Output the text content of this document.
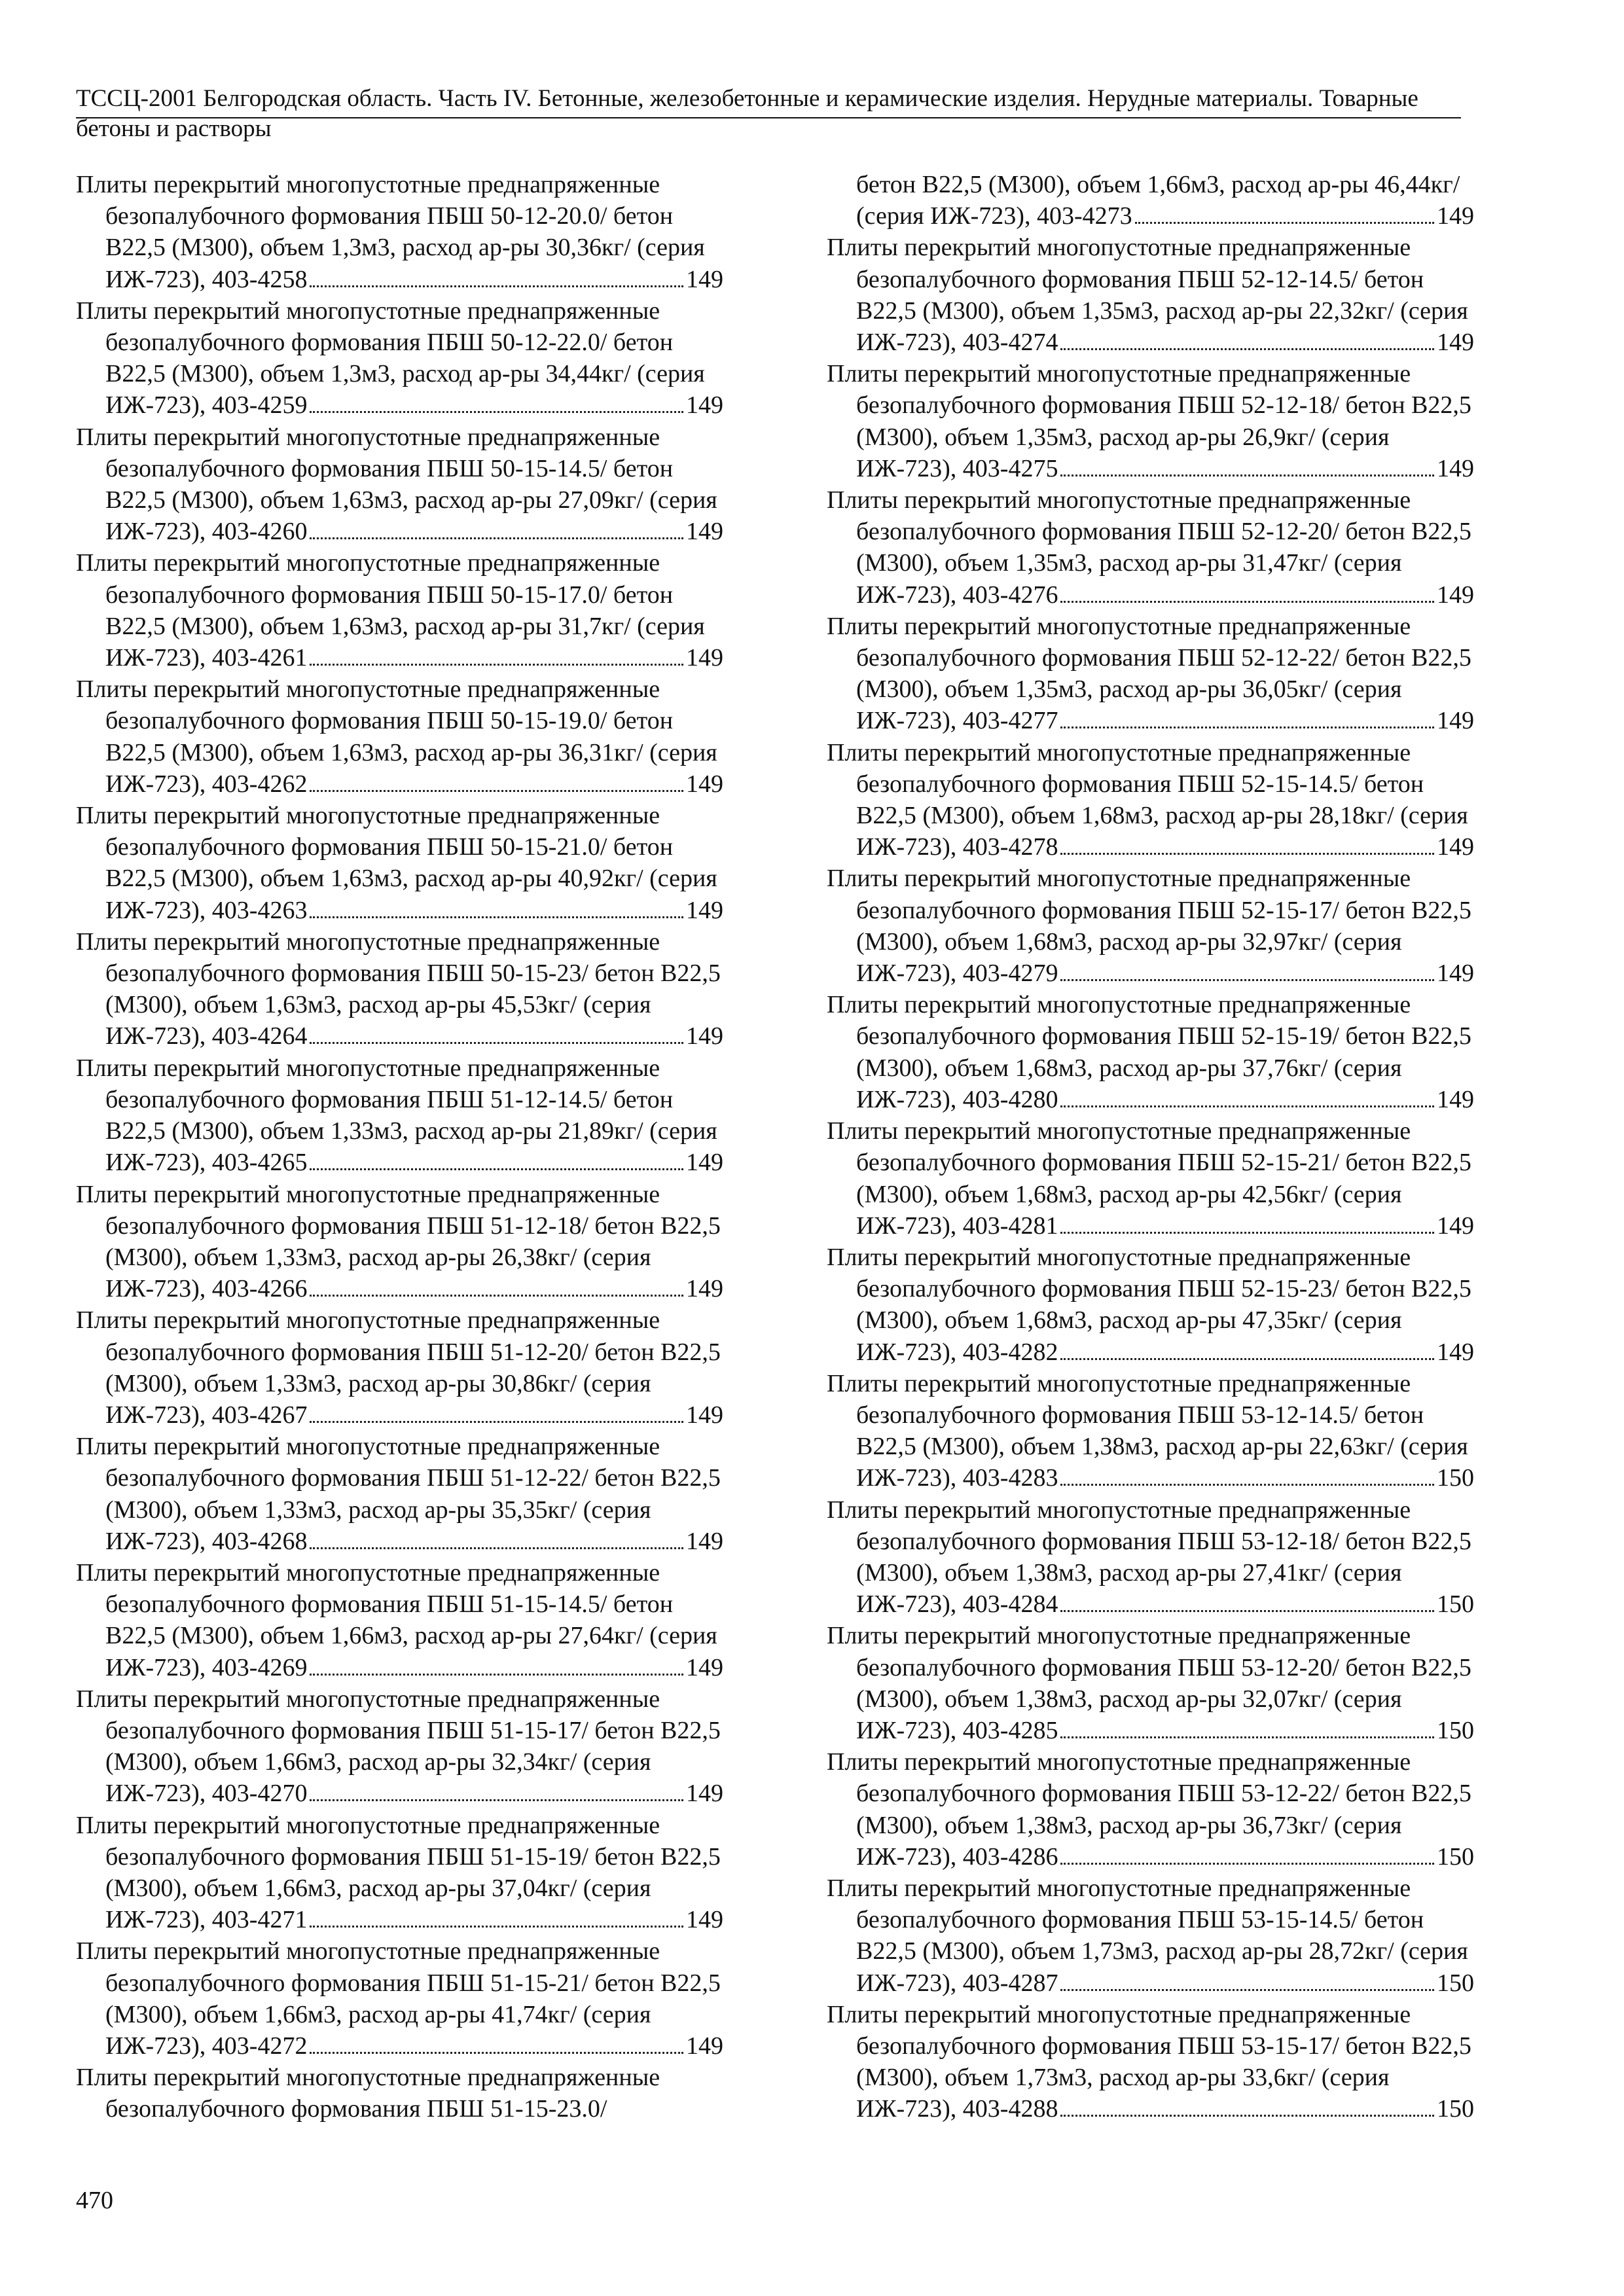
ТССЦ-2001 Белгородская область. Часть IV. Бетонные, железобетонные и керамические изделия. Нерудные материалы. Товарные бетоны и растворы

Плиты перекрытий многопустотные преднапряженные безопалубочного формования ПБШ 50-12-20.0/ бетон В22,5 (М300), объем 1,3м3, расход ар-ры 30,36кг/ (серия ИЖ-723), 403-4258	149

Плиты перекрытий многопустотные преднапряженные безопалубочного формования ПБШ 50-12-22.0/ бетон В22,5 (М300), объем 1,3м3, расход ар-ры 34,44кг/ (серия ИЖ-723), 403-4259	149

Плиты перекрытий многопустотные преднапряженные безопалубочного формования ПБШ 50-15-14.5/ бетон В22,5 (М300), объем 1,63м3, расход ар-ры 27,09кг/ (серия ИЖ-723), 403-4260	149

Плиты перекрытий многопустотные преднапряженные безопалубочного формования ПБШ 50-15-17.0/ бетон В22,5 (М300), объем 1,63м3, расход ар-ры 31,7кг/ (серия ИЖ-723), 403-4261	149

Плиты перекрытий многопустотные преднапряженные безопалубочного формования ПБШ 50-15-19.0/ бетон В22,5 (М300), объем 1,63м3, расход ар-ры 36,31кг/ (серия ИЖ-723), 403-4262	149

Плиты перекрытий многопустотные преднапряженные безопалубочного формования ПБШ 50-15-21.0/ бетон В22,5 (М300), объем 1,63м3, расход ар-ры 40,92кг/ (серия ИЖ-723), 403-4263	149

Плиты перекрытий многопустотные преднапряженные безопалубочного формования ПБШ 50-15-23/ бетон В22,5 (М300), объем 1,63м3, расход ар-ры 45,53кг/ (серия ИЖ-723), 403-4264	149

Плиты перекрытий многопустотные преднапряженные безопалубочного формования ПБШ 51-12-14.5/ бетон В22,5 (М300), объем 1,33м3, расход ар-ры 21,89кг/ (серия ИЖ-723), 403-4265	149

Плиты перекрытий многопустотные преднапряженные безопалубочного формования ПБШ 51-12-18/ бетон В22,5 (М300), объем 1,33м3, расход ар-ры 26,38кг/ (серия ИЖ-723), 403-4266	149

Плиты перекрытий многопустотные преднапряженные безопалубочного формования ПБШ 51-12-20/ бетон В22,5 (М300), объем 1,33м3, расход ар-ры 30,86кг/ (серия ИЖ-723), 403-4267	149

Плиты перекрытий многопустотные преднапряженные безопалубочного формования ПБШ 51-12-22/ бетон В22,5 (М300), объем 1,33м3, расход ар-ры 35,35кг/ (серия ИЖ-723), 403-4268	149

Плиты перекрытий многопустотные преднапряженные безопалубочного формования ПБШ 51-15-14.5/ бетон В22,5 (М300), объем 1,66м3, расход ар-ры 27,64кг/ (серия ИЖ-723), 403-4269	149

Плиты перекрытий многопустотные преднапряженные безопалубочного формования ПБШ 51-15-17/ бетон В22,5 (М300), объем 1,66м3, расход ар-ры 32,34кг/ (серия ИЖ-723), 403-4270	149

Плиты перекрытий многопустотные преднапряженные безопалубочного формования ПБШ 51-15-19/ бетон В22,5 (М300), объем 1,66м3, расход ар-ры 37,04кг/ (серия ИЖ-723), 403-4271	149

Плиты перекрытий многопустотные преднапряженные безопалубочного формования ПБШ 51-15-21/ бетон В22,5 (М300), объем 1,66м3, расход ар-ры 41,74кг/ (серия ИЖ-723), 403-4272	149

Плиты перекрытий многопустотные преднапряженные безопалубочного формования ПБШ 51-15-23.0/

бетон В22,5 (М300), объем 1,66м3, расход ар-ры 46,44кг/ (серия ИЖ-723), 403-4273	149

Плиты перекрытий многопустотные преднапряженные безопалубочного формования ПБШ 52-12-14.5/ бетон В22,5 (М300), объем 1,35м3, расход ар-ры 22,32кг/ (серия ИЖ-723), 403-4274	149

Плиты перекрытий многопустотные преднапряженные безопалубочного формования ПБШ 52-12-18/ бетон В22,5 (М300), объем 1,35м3, расход ар-ры 26,9кг/ (серия ИЖ-723), 403-4275	149

Плиты перекрытий многопустотные преднапряженные безопалубочного формования ПБШ 52-12-20/ бетон В22,5 (М300), объем 1,35м3, расход ар-ры 31,47кг/ (серия ИЖ-723), 403-4276	149

Плиты перекрытий многопустотные преднапряженные безопалубочного формования ПБШ 52-12-22/ бетон В22,5 (М300), объем 1,35м3, расход ар-ры 36,05кг/ (серия ИЖ-723), 403-4277	149

Плиты перекрытий многопустотные преднапряженные безопалубочного формования ПБШ 52-15-14.5/ бетон В22,5 (М300), объем 1,68м3, расход ар-ры 28,18кг/ (серия ИЖ-723), 403-4278	149

Плиты перекрытий многопустотные преднапряженные безопалубочного формования ПБШ 52-15-17/ бетон В22,5 (М300), объем 1,68м3, расход ар-ры 32,97кг/ (серия ИЖ-723), 403-4279	149

Плиты перекрытий многопустотные преднапряженные безопалубочного формования ПБШ 52-15-19/ бетон В22,5 (М300), объем 1,68м3, расход ар-ры 37,76кг/ (серия ИЖ-723), 403-4280	149

Плиты перекрытий многопустотные преднапряженные безопалубочного формования ПБШ 52-15-21/ бетон В22,5 (М300), объем 1,68м3, расход ар-ры 42,56кг/ (серия ИЖ-723), 403-4281	149

Плиты перекрытий многопустотные преднапряженные безопалубочного формования ПБШ 52-15-23/ бетон В22,5 (М300), объем 1,68м3, расход ар-ры 47,35кг/ (серия ИЖ-723), 403-4282	149

Плиты перекрытий многопустотные преднапряженные безопалубочного формования ПБШ 53-12-14.5/ бетон В22,5 (М300), объем 1,38м3, расход ар-ры 22,63кг/ (серия ИЖ-723), 403-4283	150

Плиты перекрытий многопустотные преднапряженные безопалубочного формования ПБШ 53-12-18/ бетон В22,5 (М300), объем 1,38м3, расход ар-ры 27,41кг/ (серия ИЖ-723), 403-4284	150

Плиты перекрытий многопустотные преднапряженные безопалубочного формования ПБШ 53-12-20/ бетон В22,5 (М300), объем 1,38м3, расход ар-ры 32,07кг/ (серия ИЖ-723), 403-4285	150

Плиты перекрытий многопустотные преднапряженные безопалубочного формования ПБШ 53-12-22/ бетон В22,5 (М300), объем 1,38м3, расход ар-ры 36,73кг/ (серия ИЖ-723), 403-4286	150

Плиты перекрытий многопустотные преднапряженные безопалубочного формования ПБШ 53-15-14.5/ бетон В22,5 (М300), объем 1,73м3, расход ар-ры 28,72кг/ (серия ИЖ-723), 403-4287	150

Плиты перекрытий многопустотные преднапряженные безопалубочного формования ПБШ 53-15-17/ бетон В22,5 (М300), объем 1,73м3, расход ар-ры 33,6кг/ (серия ИЖ-723), 403-4288	150

470
